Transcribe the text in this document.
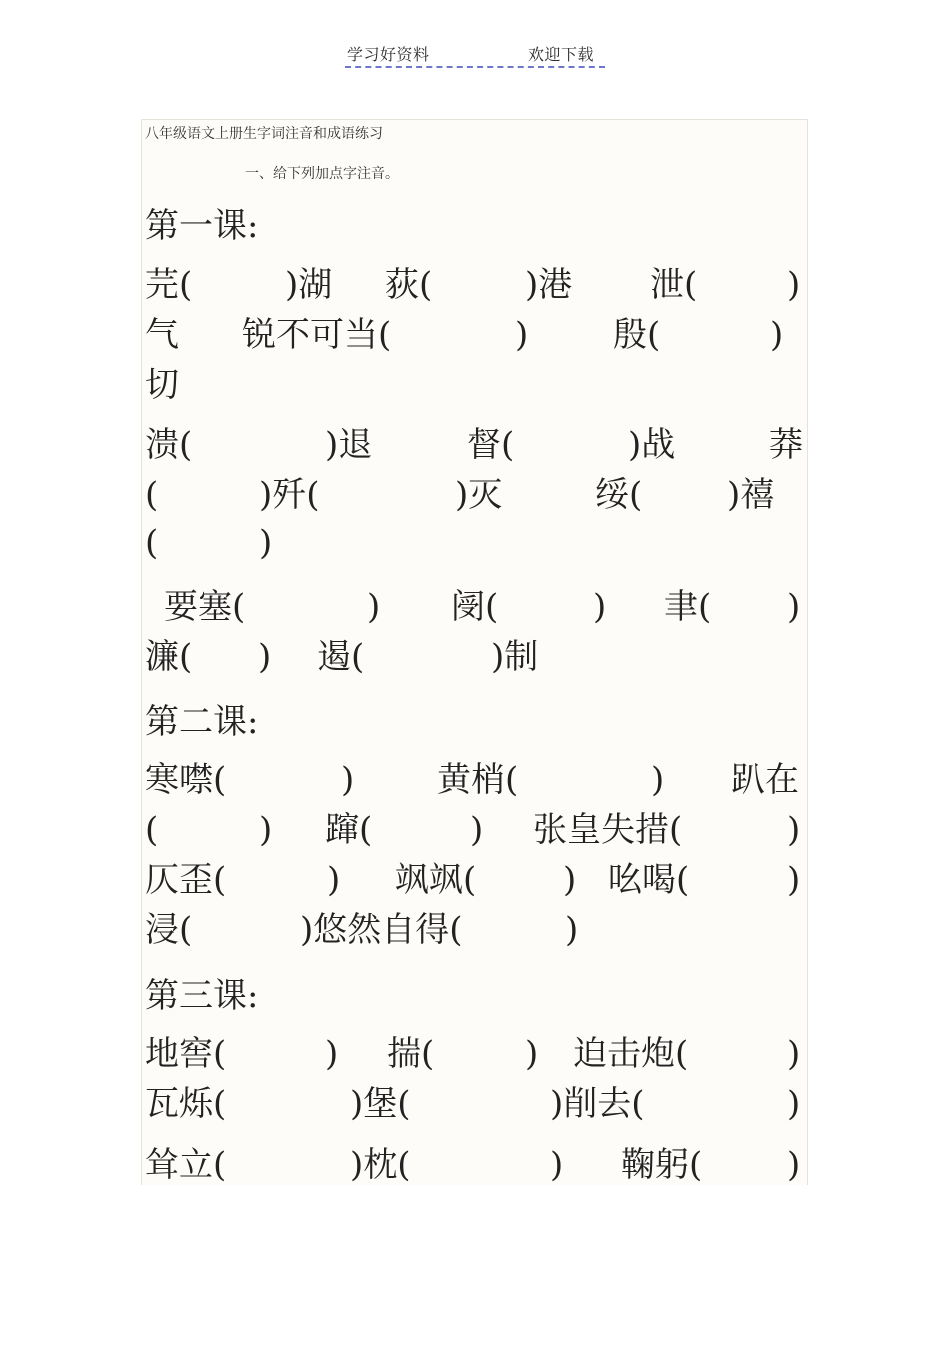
学习好资料	欢迎下载
八年级语文上册生字词注音和成语练习
一、给下列加点字注音。
第一课:
芫(	)湖 荻(	)港 泄(	)
气 锐不可当(	) 殷(	)
切
溃(	)退	督(	)战	莽
(	)歼(	)灭	绥( )禧
(	)
要塞(	) 阌(	) 聿( )
濂( ) 遏(	)制
第二课:
寒噤(	) 黄梢(	) 趴在
(	) 蹿(	) 张皇失措(	)
仄歪(	) 飒飒(	) 吆喝(	)
浸(	)悠然自得(	)
第三课:
地窖(	) 揣(	) 迫击炮(	)
瓦烁(	)堡(	)削去(	)
耸立(	)枕(	) 鞠躬( )
